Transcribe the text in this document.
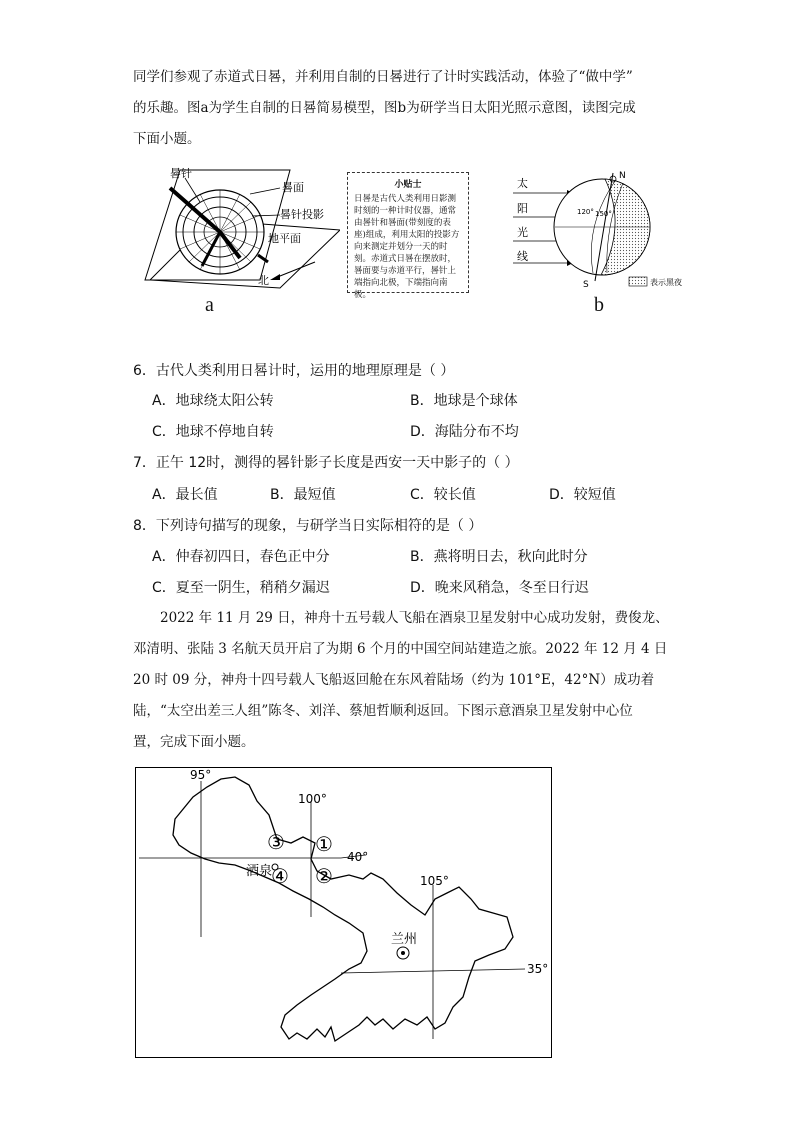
同学们参观了赤道式日晷，并利用自制的日晷进行了计时实践活动，体验了“做中学”
的乐趣。图a为学生自制的日晷简易模型，图b为研学当日太阳光照示意图，读图完成
下面小题。
晷针
晷面
晷针投影
地平面
北
a
小贴士
日晷是古代人类利用日影测时刻的一种计时仪器，通常由晷针和晷面(带刻度的表座)组成，利用太阳的投影方向来测定并划分一天的时刻。赤道式日晷在摆放时，晷面要与赤道平行，晷针上端指向北极，下端指向南极。
太
阳
光
线
N
S
120° 150°
表示黑夜
b
6．古代人类利用日晷计时，运用的地理原理是（ ）
A．地球绕太阳公转	B．地球是个球体
C．地球不停地自转	D．海陆分布不均
7．正午 12时，测得的晷针影子长度是西安一天中影子的（ ）
A．最长值	B．最短值	C．较长值	D．较短值
8．下列诗句描写的现象，与研学当日实际相符的是（ ）
A．仲春初四日，春色正中分	B．燕将明日去，秋向此时分
C．夏至一阴生，稍稍夕漏迟	D．晚来风稍急，冬至日行迟
2022 年 11 月 29 日，神舟十五号载人飞船在酒泉卫星发射中心成功发射，费俊龙、
邓清明、张陆 3 名航天员开启了为期 6 个月的中国空间站建造之旅。2022 年 12 月 4 日
20 时 09 分，神舟十四号载人飞船返回舱在东风着陆场（约为 101°E，42°N）成功着
陆，“太空出差三人组”陈冬、刘洋、蔡旭哲顺利返回。下图示意酒泉卫星发射中心位
置，完成下面小题。
95°
100°
105°
40°
35°
酒泉
兰州
①
②
③
④
